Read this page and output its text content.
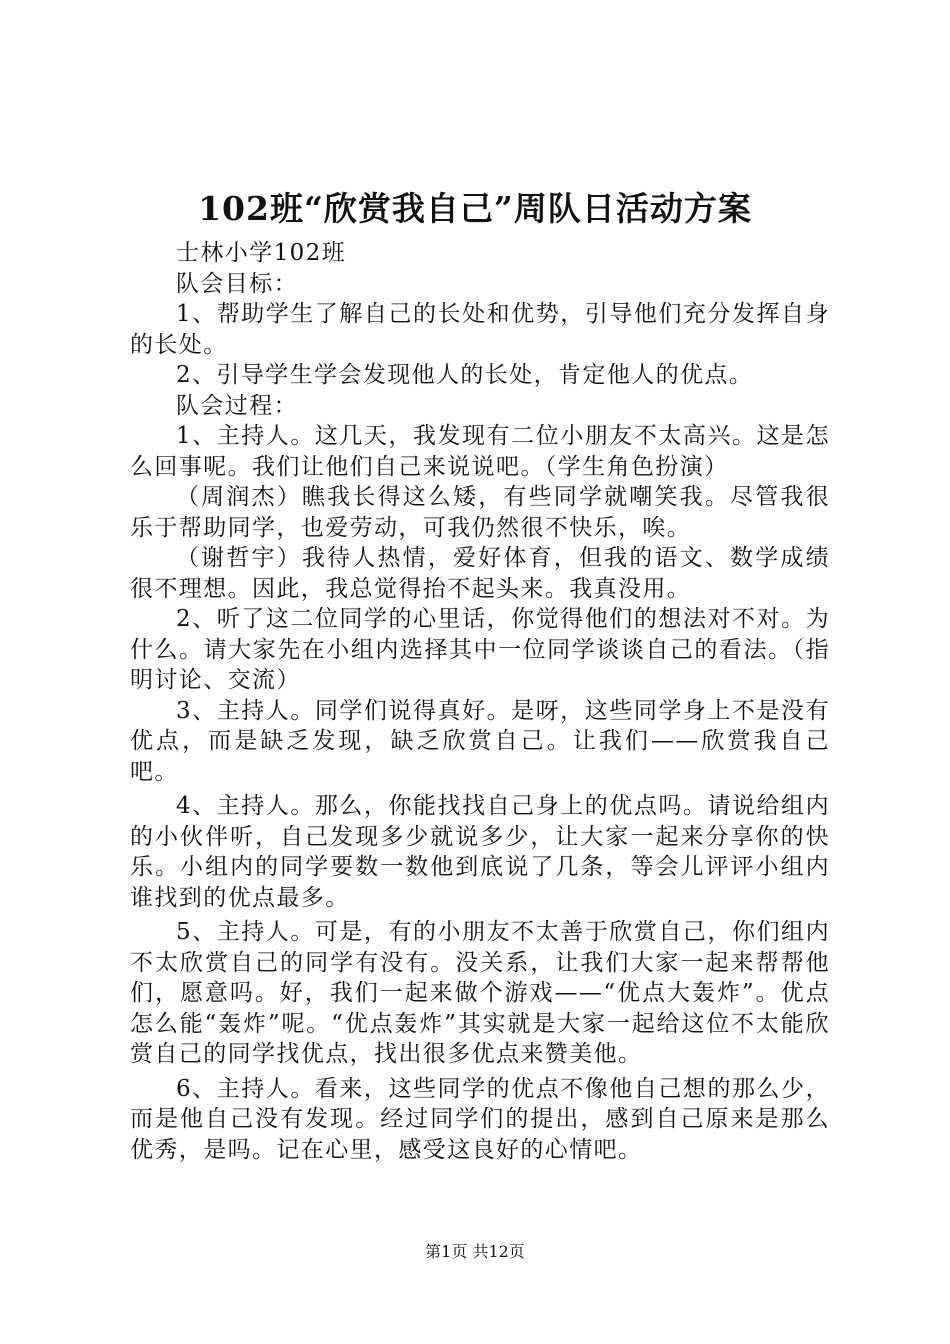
102班“欣赏我自己”周队日活动方案

士林小学102班

队会目标：

1、帮助学生了解自己的长处和优势，引导他们充分发挥自身的长处。

2、引导学生学会发现他人的长处，肯定他人的优点。

队会过程：

1、主持人。这几天，我发现有二位小朋友不太高兴。这是怎么回事呢。我们让他们自己来说说吧。（学生角色扮演）

（周润杰）瞧我长得这么矮，有些同学就嘲笑我。尽管我很乐于帮助同学，也爱劳动，可我仍然很不快乐，唉。

（谢哲宇）我待人热情，爱好体育，但我的语文、数学成绩很不理想。因此，我总觉得抬不起头来。我真没用。

2、听了这二位同学的心里话，你觉得他们的想法对不对。为什么。请大家先在小组内选择其中一位同学谈谈自己的看法。（指明讨论、交流）

3、主持人。同学们说得真好。是呀，这些同学身上不是没有优点，而是缺乏发现，缺乏欣赏自己。让我们——欣赏我自己吧。

4、主持人。那么，你能找找自己身上的优点吗。请说给组内的小伙伴听，自己发现多少就说多少，让大家一起来分享你的快乐。小组内的同学要数一数他到底说了几条，等会儿评评小组内谁找到的优点最多。

5、主持人。可是，有的小朋友不太善于欣赏自己，你们组内不太欣赏自己的同学有没有。没关系，让我们大家一起来帮帮他们，愿意吗。好，我们一起来做个游戏——“优点大轰炸”。优点怎么能“轰炸”呢。“优点轰炸”其实就是大家一起给这位不太能欣赏自己的同学找优点，找出很多优点来赞美他。

6、主持人。看来，这些同学的优点不像他自己想的那么少，而是他自己没有发现。经过同学们的提出，感到自己原来是那么优秀，是吗。记在心里，感受这良好的心情吧。

第1页 共12页
